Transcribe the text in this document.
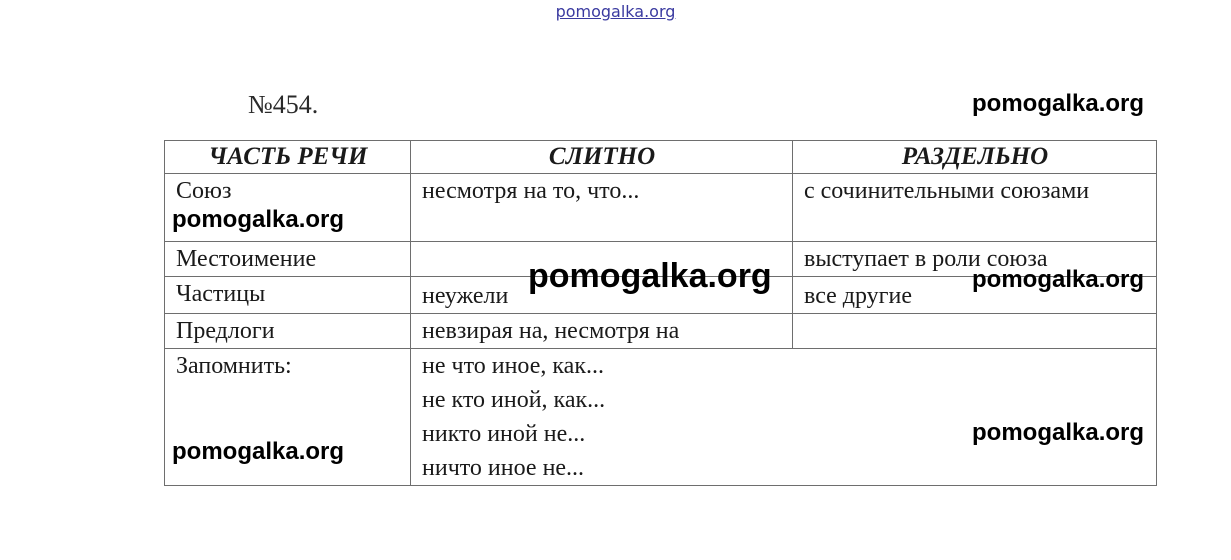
pomogalka.org
№454.
ЧАСТЬ РЕЧИ	СЛИТНО	РАЗДЕЛЬНО
Союз	несмотря на то, что...	с сочинительными союзами
Местоимение		выступает в роли союза
Частицы	неужели	все другие
Предлоги	невзирая на, несмотря на	
Запомнить:	не что иное, как...
не кто иной, как...
никто иной не...
ничто иное не...	
pomogalka.org
pomogalka.org
pomogalka.org	pomogalka.org
pomogalka.org
pomogalka.org
